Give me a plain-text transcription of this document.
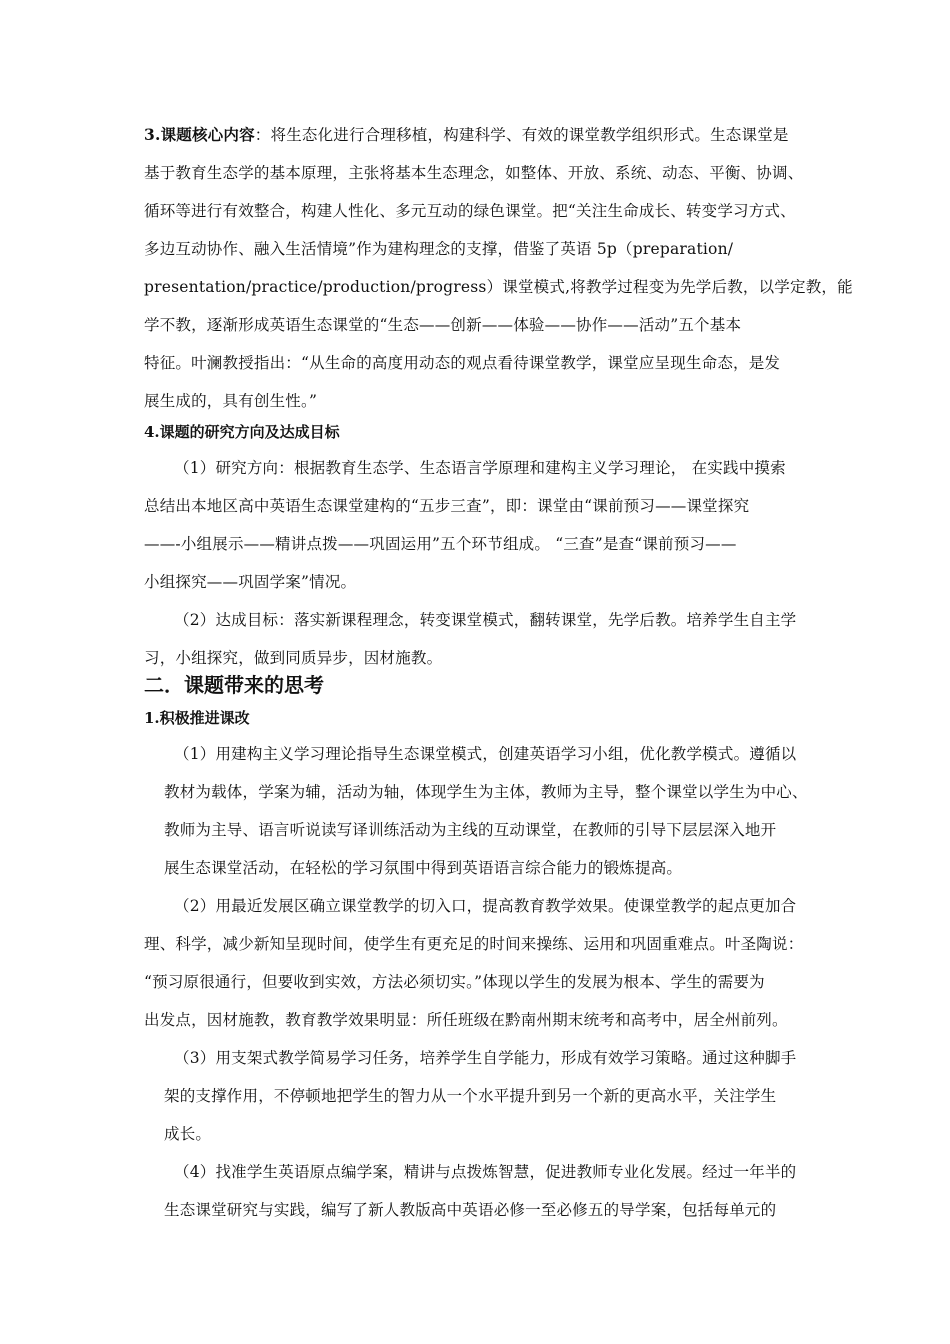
3.课题核心内容：将生态化进行合理移植，构建科学、有效的课堂教学组织形式。生态课堂是
基于教育生态学的基本原理，主张将基本生态理念，如整体、开放、系统、动态、平衡、协调、
循环等进行有效整合，构建人性化、多元互动的绿色课堂。把“关注生命成长、转变学习方式、
多边互动协作、融入生活情境”作为建构理念的支撑，借鉴了英语 5p（preparation/
presentation/practice/production/progress）课堂模式,将教学过程变为先学后教，以学定教，能
学不教，逐渐形成英语生态课堂的“生态——创新——体验——协作——活动”五个基本
特征。叶澜教授指出：“从生命的高度用动态的观点看待课堂教学，课堂应呈现生命态，是发
展生成的，具有创生性。”
4.课题的研究方向及达成目标
（1）研究方向：根据教育生态学、生态语言学原理和建构主义学习理论， 在实践中摸索
总结出本地区高中英语生态课堂建构的“五步三查”，即：课堂由“课前预习——课堂探究
——-小组展示——精讲点拨——巩固运用”五个环节组成。 “三查”是查“课前预习——
小组探究——巩固学案”情况。
（2）达成目标：落实新课程理念，转变课堂模式，翻转课堂，先学后教。培养学生自主学
习，小组探究，做到同质异步，因材施教。
二．课题带来的思考
1.积极推进课改
（1）用建构主义学习理论指导生态课堂模式，创建英语学习小组，优化教学模式。遵循以
教材为载体，学案为辅，活动为轴，体现学生为主体，教师为主导，整个课堂以学生为中心、
教师为主导、语言听说读写译训练活动为主线的互动课堂，在教师的引导下层层深入地开
展生态课堂活动，在轻松的学习氛围中得到英语语言综合能力的锻炼提高。
（2）用最近发展区确立课堂教学的切入口，提高教育教学效果。使课堂教学的起点更加合
理、科学，减少新知呈现时间，使学生有更充足的时间来操练、运用和巩固重难点。叶圣陶说：
“预习原很通行，但要收到实效，方法必须切实。”体现以学生的发展为根本、学生的需要为
出发点，因材施教，教育教学效果明显：所任班级在黔南州期末统考和高考中，居全州前列。
（3）用支架式教学简易学习任务，培养学生自学能力，形成有效学习策略。通过这种脚手
架的支撑作用，不停顿地把学生的智力从一个水平提升到另一个新的更高水平，关注学生
成长。
（4）找准学生英语原点编学案，精讲与点拨炼智慧，促进教师专业化发展。经过一年半的
生态课堂研究与实践，编写了新人教版高中英语必修一至必修五的导学案，包括每单元的
